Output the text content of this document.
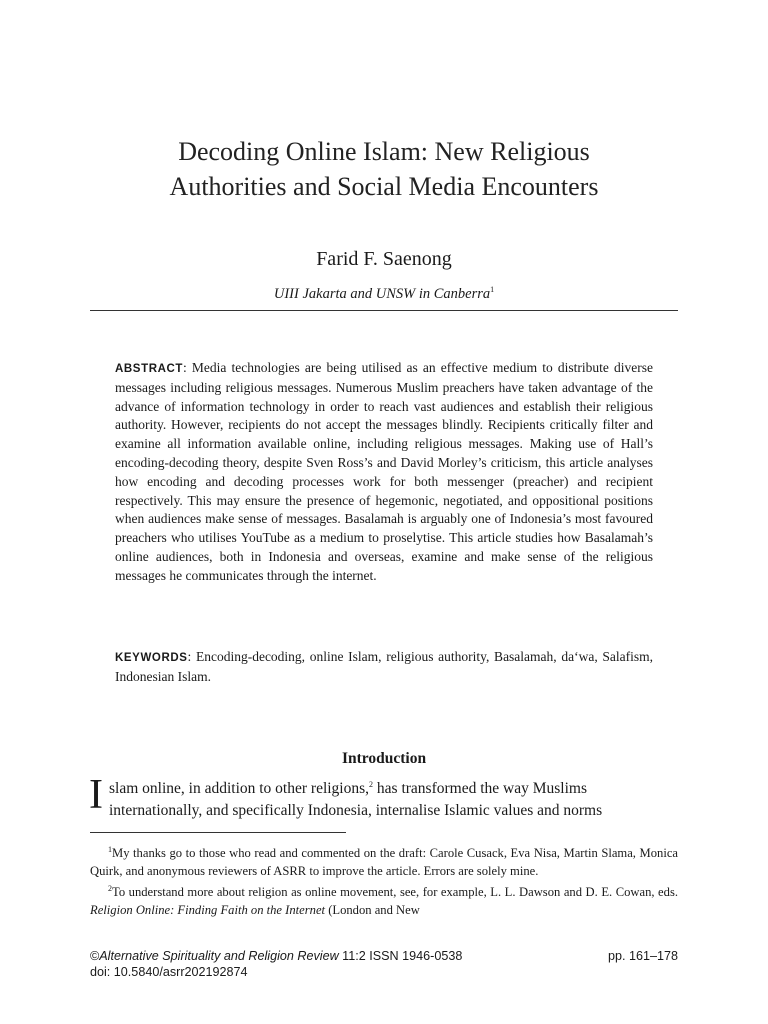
Decoding Online Islam: New Religious
Authorities and Social Media Encounters
Farid F. Saenong
UIII Jakarta and UNSW in Canberra$^1$
ABSTRACT: Media technologies are being utilised as an effective medium to distribute diverse messages including religious messages. Numerous Muslim preachers have taken advantage of the advance of information technology in order to reach vast audiences and establish their religious authority. However, recipients do not accept the messages blindly. Recipients critically filter and examine all information available online, including religious messages. Making use of Hall’s encoding-decoding theory, despite Sven Ross’s and David Morley’s criticism, this article analyses how encoding and decoding processes work for both messenger (preacher) and recipient respectively. This may ensure the presence of hegemonic, negotiated, and oppositional positions when audiences make sense of messages. Basalamah is arguably one of Indonesia’s most favoured preachers who utilises YouTube as a medium to proselytise. This article studies how Basalamah’s online audiences, both in Indonesia and overseas, examine and make sense of the religious messages he communicates through the internet.
KEYWORDS: Encoding-decoding, online Islam, religious authority, Basalamah, da‘wa, Salafism, Indonesian Islam.
Introduction
I slam online, in addition to other religions,$^2$ has transformed the way Muslims
internationally, and specifically Indonesia, internalise Islamic values and norms

$^1$My thanks go to those who read and commented on the draft: Carole Cusack, Eva Nisa, Martin Slama, Monica Quirk, and anonymous reviewers of ASRR to improve the article. Errors are solely mine.

$^2$To understand more about religion as online movement, see, for example, L. L. Dawson and D. E. Cowan, eds. Religion Online: Finding Faith on the Internet (London and New

©Alternative Spirituality and Religion Review 11:2 ISSN 1946-0538	pp. 161–178
doi: 10.5840/asrr202192874
